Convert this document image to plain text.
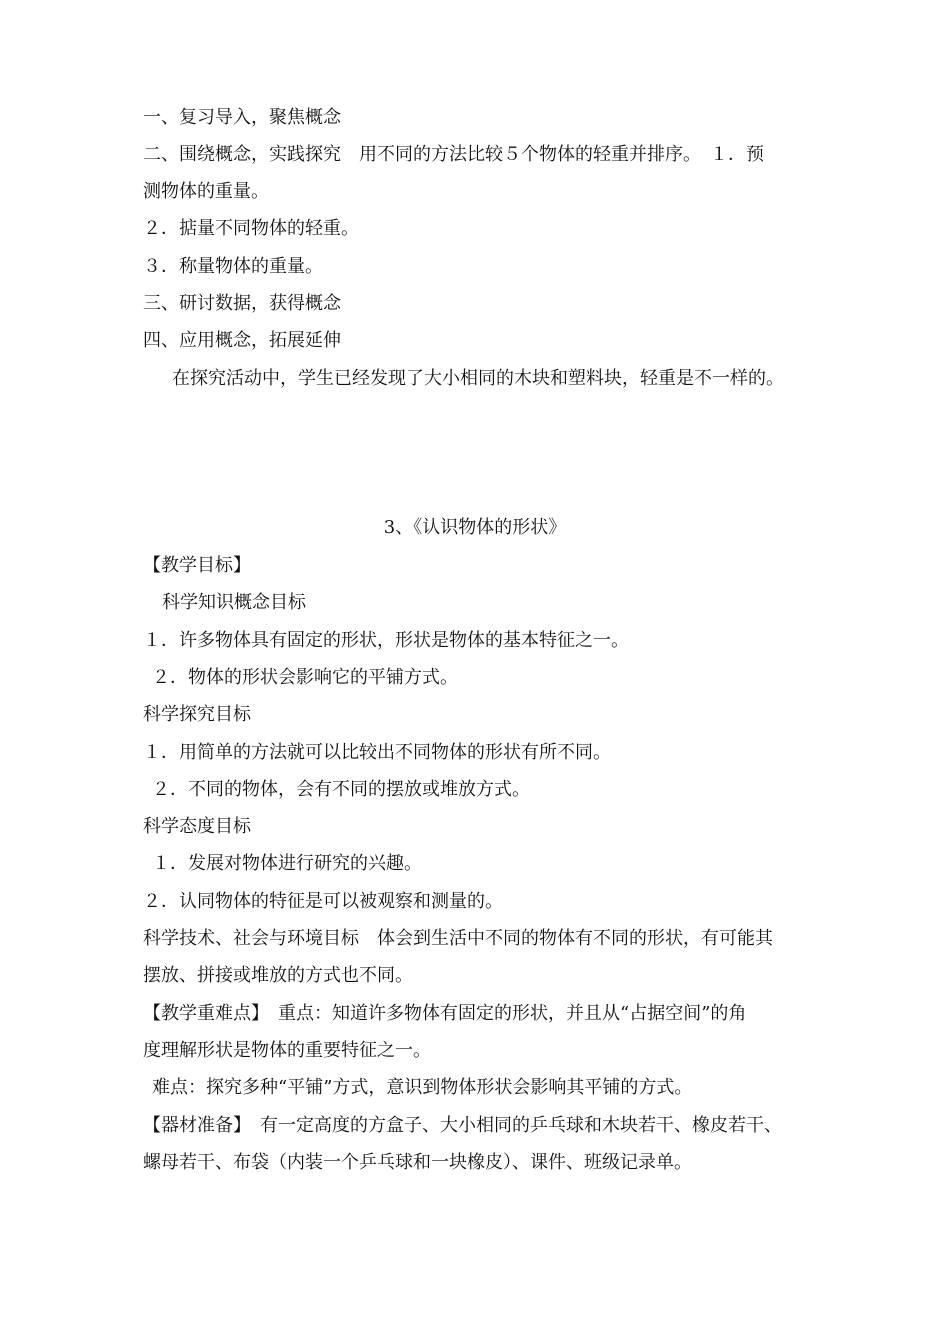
一、复习导入，聚焦概念
二、围绕概念，实践探究　用不同的方法比较５个物体的轻重并排序。　１．预
测物体的重量。
２．掂量不同物体的轻重。
３．称量物体的重量。
三、研讨数据，获得概念
四、应用概念，拓展延伸
在探究活动中，学生已经发现了大小相同的木块和塑料块，轻重是不一样的。
3、《认识物体的形状》
【教学目标】
科学知识概念目标
１．许多物体具有固定的形状，形状是物体的基本特征之一。
２．物体的形状会影响它的平铺方式。
科学探究目标
１．用简单的方法就可以比较出不同物体的形状有所不同。
２．不同的物体，会有不同的摆放或堆放方式。
科学态度目标
１．发展对物体进行研究的兴趣。
２．认同物体的特征是可以被观察和测量的。
科学技术、社会与环境目标　体会到生活中不同的物体有不同的形状，有可能其
摆放、拼接或堆放的方式也不同。
【教学重难点】　重点：知道许多物体有固定的形状，并且从“占据空间”的角
度理解形状是物体的重要特征之一。
难点：探究多种“平铺”方式，意识到物体形状会影响其平铺的方式。
【器材准备】　有一定高度的方盒子、大小相同的乒乓球和木块若干、橡皮若干、
螺母若干、布袋（内装一个乒乓球和一块橡皮）、课件、班级记录单。
